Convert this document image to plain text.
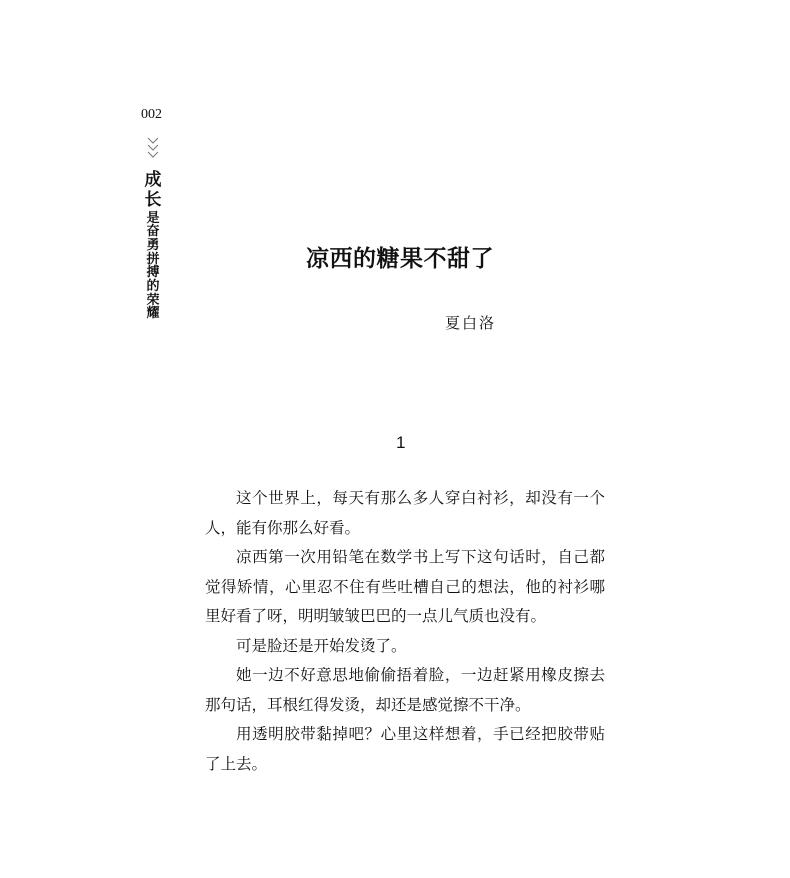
002
成
长
是
奋
勇
拼
搏
的
荣
耀
凉西的糖果不甜了
夏白洛
1

这个世界上，每天有那么多人穿白衬衫，却没有一个人，能有你那么好看。

凉西第一次用铅笔在数学书上写下这句话时，自己都觉得矫情，心里忍不住有些吐槽自己的想法，他的衬衫哪里好看了呀，明明皱皱巴巴的一点儿气质也没有。

可是脸还是开始发烫了。

她一边不好意思地偷偷捂着脸，一边赶紧用橡皮擦去那句话，耳根红得发烫，却还是感觉擦不干净。

用透明胶带黏掉吧？心里这样想着，手已经把胶带贴了上去。
